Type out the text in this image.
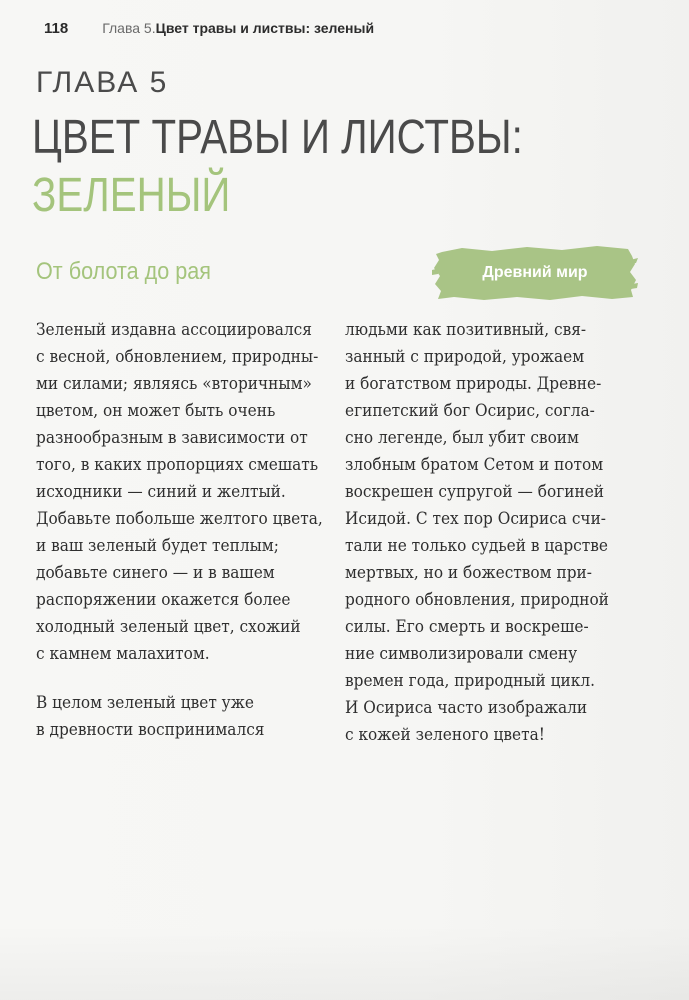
118 Глава 5. Цвет травы и листвы: зеленый
ГЛАВА 5
ЦВЕТ ТРАВЫ И ЛИСТВЫ:
ЗЕЛЕНЫЙ
От болота до рая	Древний мир
Зеленый издавна ассоциировался
с весной, обновлением, природны-
ми силами; являясь «вторичным»
цветом, он может быть очень
разнообразным в зависимости от
того, в каких пропорциях смешать
исходники — синий и желтый.
Добавьте побольше желтого цвета,
и ваш зеленый будет теплым;
добавьте синего — и в вашем
распоряжении окажется более
холодный зеленый цвет, схожий
с камнем малахитом.
В целом зеленый цвет уже
в древности воспринимался
людьми как позитивный, свя-
занный с природой, урожаем
и богатством природы. Древне-
египетский бог Осирис, согла-
сно легенде, был убит своим
злобным братом Сетом и потом
воскрешен супругой — богиней
Исидой. С тех пор Осириса счи-
тали не только судьей в царстве
мертвых, но и божеством при-
родного обновления, природной
силы. Его смерть и воскреше-
ние символизировали смену
времен года, природный цикл.
И Осириса часто изображали
с кожей зеленого цвета!
